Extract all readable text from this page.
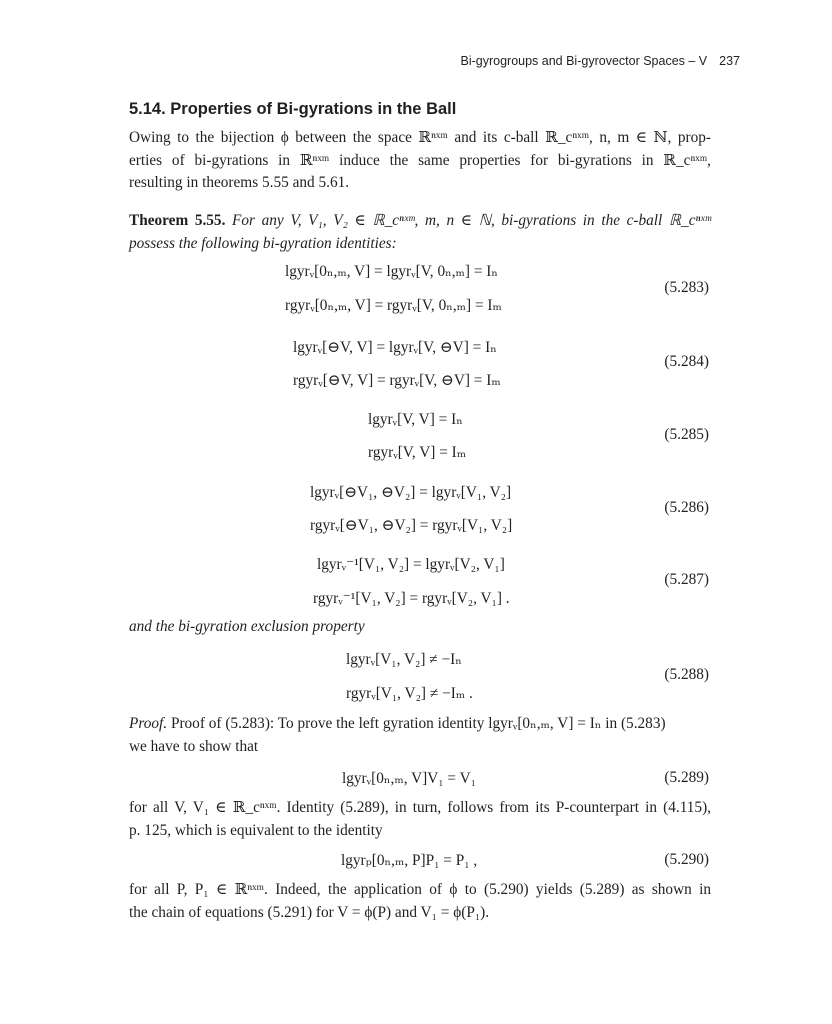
Bi-gyrogroups and Bi-gyrovector Spaces – V 237
5.14. Properties of Bi-gyrations in the Ball
Owing to the bijection ϕ between the space ℝⁿˣᵐ and its c-ball ℝ_cⁿˣᵐ, n, m ∈ ℕ, prop-
erties of bi-gyrations in ℝⁿˣᵐ induce the same properties for bi-gyrations in ℝ_cⁿˣᵐ,
resulting in theorems 5.55 and 5.61.
Theorem 5.55. For any V, V₁, V₂ ∈ ℝ_cⁿˣᵐ, m, n ∈ ℕ, bi-gyrations in the c-ball ℝ_cⁿˣᵐ
possess the following bi-gyration identities:
lgyrᵥ[0ₙ,ₘ, V] = lgyrᵥ[V, 0ₙ,ₘ] = Iₙ
rgyrᵥ[0ₙ,ₘ, V] = rgyrᵥ[V, 0ₙ,ₘ] = Iₘ
(5.283)
lgyrᵥ[⊖V, V] = lgyrᵥ[V, ⊖V] = Iₙ
rgyrᵥ[⊖V, V] = rgyrᵥ[V, ⊖V] = Iₘ
(5.284)
lgyrᵥ[V, V] = Iₙ
rgyrᵥ[V, V] = Iₘ
(5.285)
lgyrᵥ[⊖V₁, ⊖V₂] = lgyrᵥ[V₁, V₂]
rgyrᵥ[⊖V₁, ⊖V₂] = rgyrᵥ[V₁, V₂]
(5.286)
lgyrᵥ⁻¹[V₁, V₂] = lgyrᵥ[V₂, V₁]
rgyrᵥ⁻¹[V₁, V₂] = rgyrᵥ[V₂, V₁] .
(5.287)
and the bi-gyration exclusion property
lgyrᵥ[V₁, V₂] ≠ −Iₙ
rgyrᵥ[V₁, V₂] ≠ −Iₘ .
(5.288)
Proof. Proof of (5.283): To prove the left gyration identity lgyrᵥ[0ₙ,ₘ, V] = Iₙ in (5.283)
we have to show that
lgyrᵥ[0ₙ,ₘ, V]V₁ = V₁	(5.289)
for all V, V₁ ∈ ℝ_cⁿˣᵐ. Identity (5.289), in turn, follows from its P-counterpart in (4.115),
p. 125, which is equivalent to the identity
lgyrₚ[0ₙ,ₘ, P]P₁ = P₁ ,	(5.290)
for all P, P₁ ∈ ℝⁿˣᵐ. Indeed, the application of ϕ to (5.290) yields (5.289) as shown in
the chain of equations (5.291) for V = ϕ(P) and V₁ = ϕ(P₁).
